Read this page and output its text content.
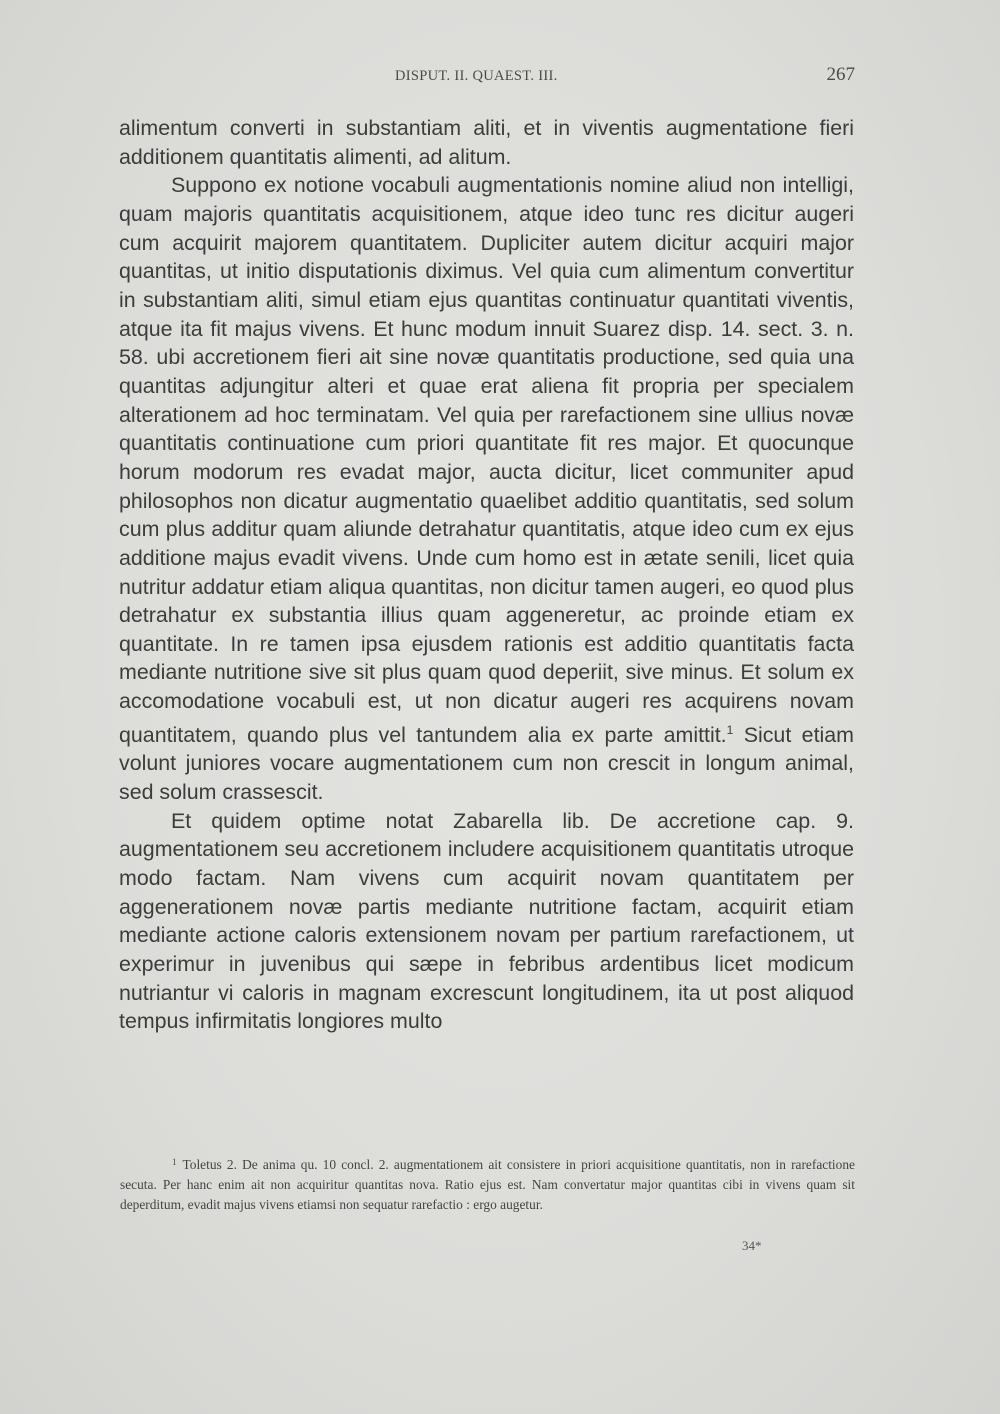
DISPUT. II. QUAEST. III.	267

alimentum converti in substantiam aliti, et in viventis augmentatione fieri additionem quantitatis alimenti, ad alitum.

Suppono ex notione vocabuli augmentationis nomine aliud non intelligi, quam majoris quantitatis acquisitionem, atque ideo tunc res dicitur augeri cum acquirit majorem quantitatem. Dupliciter autem dicitur acquiri major quantitas, ut initio disputationis diximus. Vel quia cum alimentum convertitur in substantiam aliti, simul etiam ejus quantitas continuatur quantitati viventis, atque ita fit majus vivens. Et hunc modum innuit Suarez disp. 14. sect. 3. n. 58. ubi accretionem fieri ait sine novæ quantitatis productione, sed quia una quantitas adjungitur alteri et quae erat aliena fit propria per specialem alterationem ad hoc terminatam. Vel quia per rarefactionem sine ullius novæ quantitatis continuatione cum priori quantitate fit res major. Et quocunque horum modorum res evadat major, aucta dicitur, licet communiter apud philosophos non dicatur augmentatio quaelibet additio quantitatis, sed solum cum plus additur quam aliunde detrahatur quantitatis, atque ideo cum ex ejus additione majus evadit vivens. Unde cum homo est in ætate senili, licet quia nutritur addatur etiam aliqua quantitas, non dicitur tamen augeri, eo quod plus detrahatur ex substantia illius quam aggeneretur, ac proinde etiam ex quantitate. In re tamen ipsa ejusdem rationis est additio quantitatis facta mediante nutritione sive sit plus quam quod deperiit, sive minus. Et solum ex accomodatione vocabuli est, ut non dicatur augeri res acquirens novam quantitatem, quando plus vel tantundem alia ex parte amittit.$^1$ Sicut etiam volunt juniores vocare augmentationem cum non crescit in longum animal, sed solum crassescit.

Et quidem optime notat Zabarella lib. De accretione cap. 9. augmentationem seu accretionem includere acquisitionem quantitatis utroque modo factam. Nam vivens cum acquirit novam quantitatem per aggenerationem novæ partis mediante nutritione factam, acquirit etiam mediante actione caloris extensionem novam per partium rarefactionem, ut experimur in juvenibus qui sæpe in febribus ardentibus licet modicum nutriantur vi caloris in magnam excrescunt longitudinem, ita ut post aliquod tempus infirmitatis longiores multo

$^1$ Toletus 2. De anima qu. 10 concl. 2. augmentationem ait consistere in priori acquisitione quantitatis, non in rarefactione secuta. Per hanc enim ait non acquiritur quantitas nova. Ratio ejus est. Nam convertatur major quantitas cibi in vivens quam sit deperditum, evadit majus vivens etiamsi non sequatur rarefactio : ergo augetur.

34*
